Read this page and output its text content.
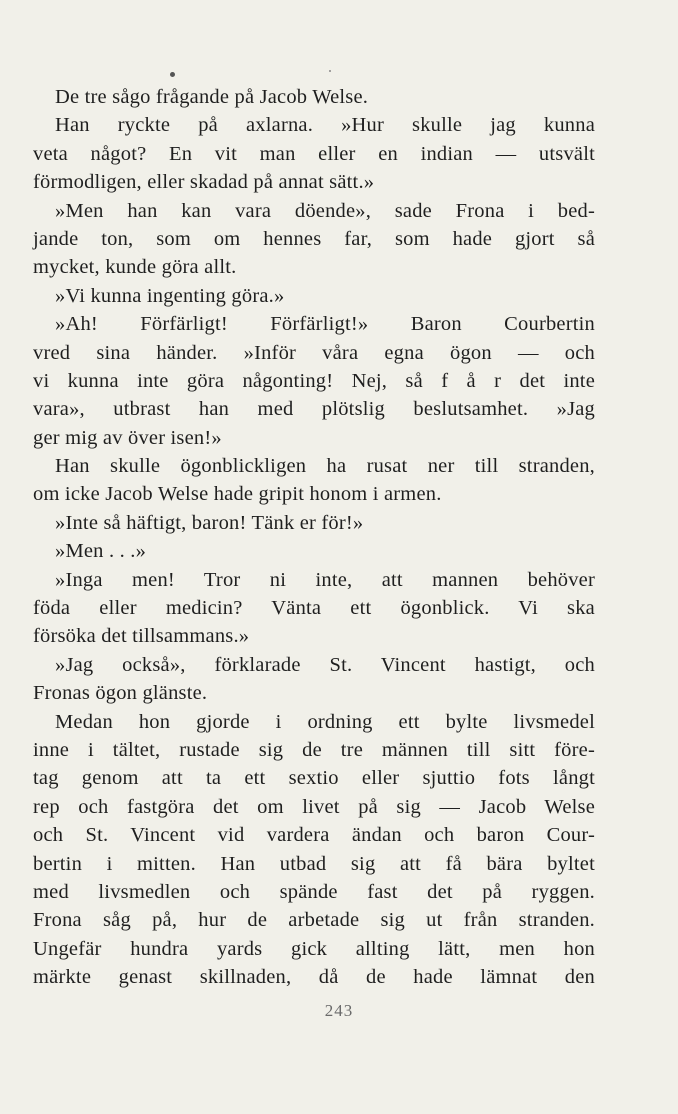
De tre sågo frågande på Jacob Welse.
Han ryckte på axlarna. »Hur skulle jag kunna
veta något? En vit man eller en indian — utsvält
förmodligen, eller skadad på annat sätt.»
»Men han kan vara döende», sade Frona i bed-
jande ton, som om hennes far, som hade gjort så
mycket, kunde göra allt.
»Vi kunna ingenting göra.»
»Ah! Förfärligt! Förfärligt!» Baron Courbertin
vred sina händer. »Inför våra egna ögon — och
vi kunna inte göra någonting! Nej, så f å r det inte
vara», utbrast han med plötslig beslutsamhet. »Jag
ger mig av över isen!»
Han skulle ögonblickligen ha rusat ner till stranden,
om icke Jacob Welse hade gripit honom i armen.
»Inte så häftigt, baron! Tänk er för!»
»Men . . .»
»Inga men! Tror ni inte, att mannen behöver
föda eller medicin? Vänta ett ögonblick. Vi ska
försöka det tillsammans.»
»Jag också», förklarade St. Vincent hastigt, och
Fronas ögon glänste.
Medan hon gjorde i ordning ett bylte livsmedel
inne i tältet, rustade sig de tre männen till sitt före-
tag genom att ta ett sextio eller sjuttio fots långt
rep och fastgöra det om livet på sig — Jacob Welse
och St. Vincent vid vardera ändan och baron Cour-
bertin i mitten. Han utbad sig att få bära byltet
med livsmedlen och spände fast det på ryggen.
Frona såg på, hur de arbetade sig ut från stranden.
Ungefär hundra yards gick allting lätt, men hon
märkte genast skillnaden, då de hade lämnat den
243
